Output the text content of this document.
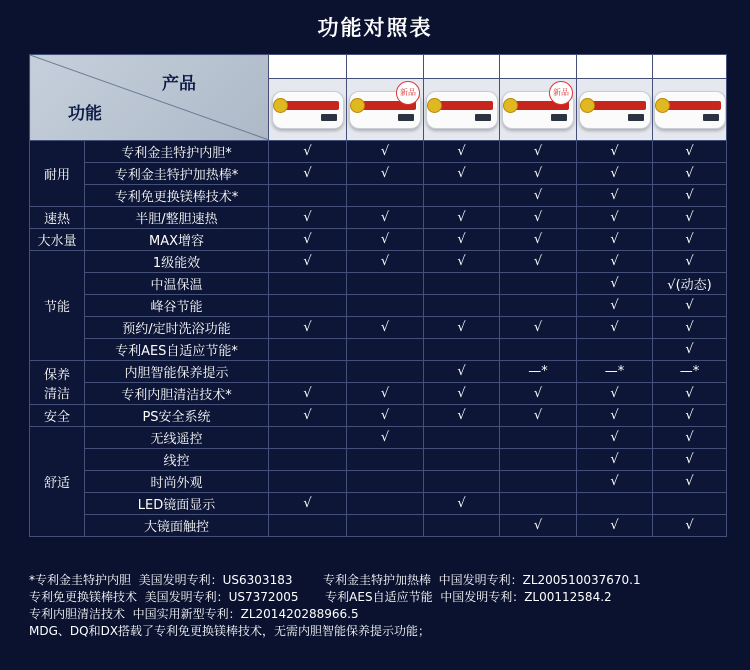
功能对照表
产品
功能		DR	DD	GR	MDG	DQ	DX

			新品		新品		

耐用	专利金圭特护内胆*	√	√	√	√	√	√
	专利金圭特护加热棒*	√	√	√	√	√	√
	专利免更换镁棒技术*				√	√	√
速热	半胆/整胆速热	√	√	√	√	√	√
大水量	MAX增容	√	√	√	√	√	√
节能	1级能效	√	√	√	√	√	√
	中温保温					√	√(动态)
	峰谷节能					√	√
	预约/定时洗浴功能	√	√	√	√	√	√
	专利AES自适应节能*						√
保养
清洁	内胆智能保养提示			√	—*	—*	—*
	专利内胆清洁技术*	√	√	√	√	√	√
安全	PS安全系统	√	√	√	√	√	√
舒适	无线遥控		√			√	√
	线控					√	√
	时尚外观					√	√
	LED镜面显示	√		√			
	大镜面触控				√	√	√
*专利金圭特护内胆  美国发明专利：US6303183        专利金圭特护加热棒  中国发明专利：ZL200510037670.1
专利免更换镁棒技术  美国发明专利：US7372005       专利AES自适应节能  中国发明专利：ZL00112584.2
专利内胆清洁技术  中国实用新型专利：ZL201420288966.5
MDG、DQ和DX搭载了专利免更换镁棒技术，无需内胆智能保养提示功能；
